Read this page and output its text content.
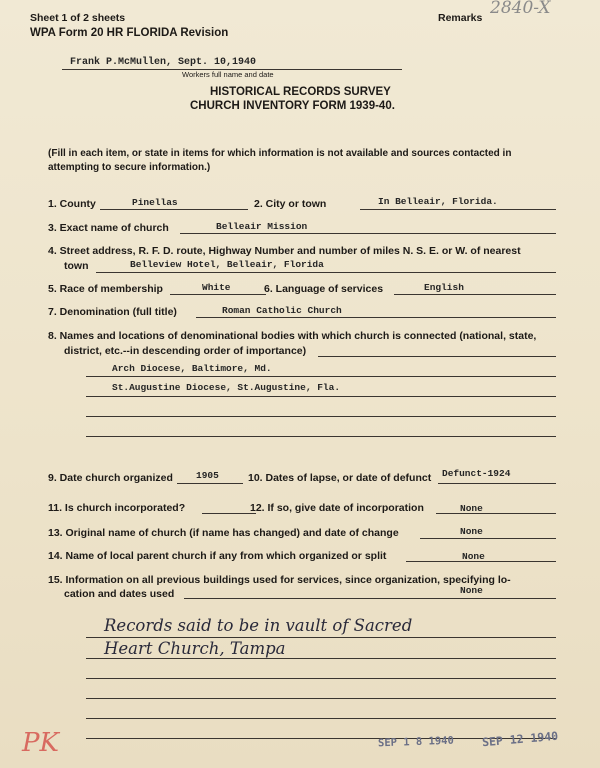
Sheet 1 of 2 sheets
WPA Form 20 HR FLORIDA Revision
Remarks 2840-X
Frank P.McMullen, Sept. 10,1940
Workers full name and date
HISTORICAL RECORDS SURVEY
CHURCH INVENTORY FORM 1939-40.
(Fill in each item, or state in items for which information is not available and sources contacted in
attempting to secure information.)
1. County	Pinellas	2. City or town	In Belleair, Florida.
3. Exact name of church	Belleair Mission
4. Street address, R. F. D. route, Highway Number and number of miles N. S. E. or W. of nearest
town	Belleview Hotel, Belleair, Florida
5. Race of membership	White	6. Language of services	English
7. Denomination (full title)	Roman Catholic Church
8. Names and locations of denominational bodies with which church is connected (national, state,
district, etc.--in descending order of importance)
Arch Diocese, Baltimore, Md.
St.Augustine Diocese, St.Augustine, Fla.
9. Date church organized 1905	10. Dates of lapse, or date of defunct Defunct-1924
11. Is church incorporated?	12. If so, give date of incorporation	None
13. Original name of church (if name has changed) and date of change	None
14. Name of local parent church if any from which organized or split	None
15. Information on all previous buildings used for services, since organization, specifying lo-
cation and dates used	None
Records said to be in vault of Sacred
Heart Church, Tampa
PK	SEP 1 8 1940 SEP 12 1940
